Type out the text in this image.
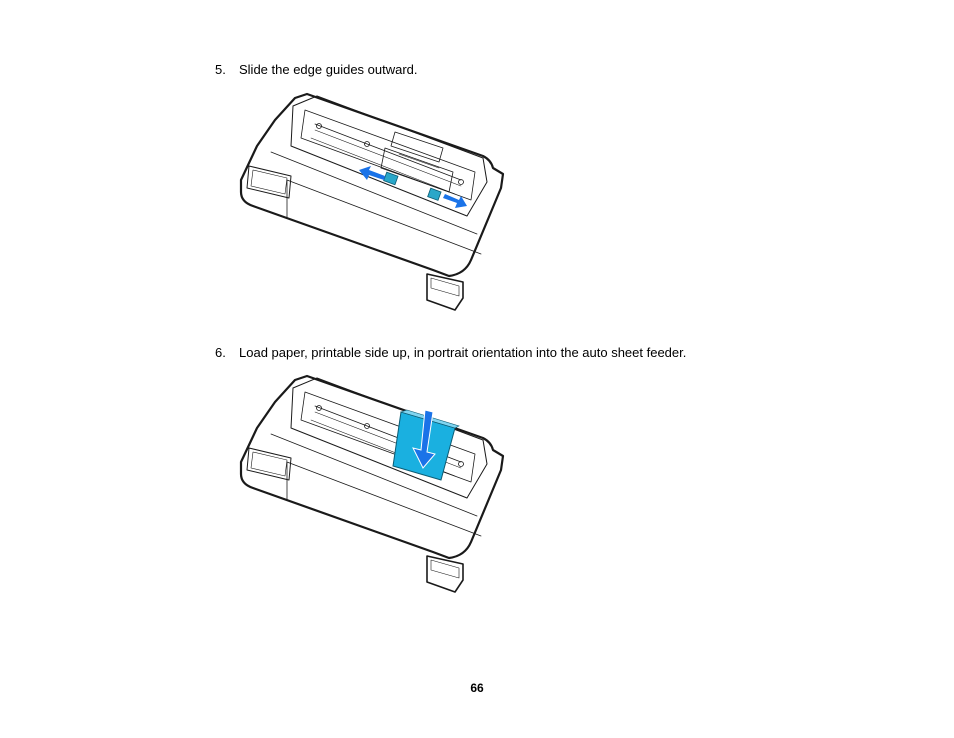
5. Slide the edge guides outward.
6. Load paper, printable side up, in portrait orientation into the auto sheet feeder.
66
